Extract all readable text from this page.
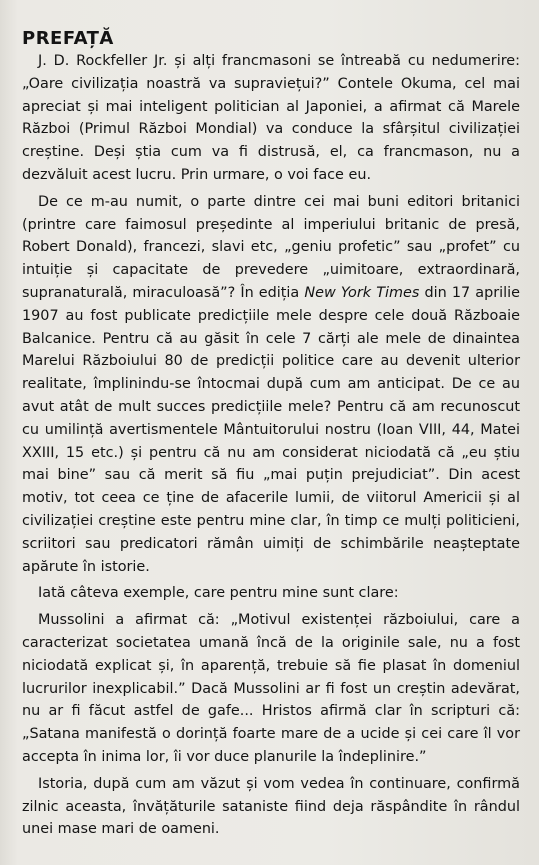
PREFAȚĂ

J. D. Rockfeller Jr. și alți francmasoni se întreabă cu nedumerire: „Oare civilizația noastră va supraviețui?” Contele Okuma, cel mai apreciat și mai inteligent politician al Japoniei, a afirmat că Marele Război (Primul Război Mondial) va conduce la sfârșitul civilizației creștine. Deși știa cum va fi distrusă, el, ca francmason, nu a dezvăluit acest lucru. Prin urmare, o voi face eu.

De ce m-au numit, o parte dintre cei mai buni editori britanici (printre care faimosul președinte al imperiului britanic de presă, Robert Donald), francezi, slavi etc, „geniu profetic” sau „profet” cu intuiție și capacitate de prevedere „uimitoare, extraordinară, supranaturală, miraculoasă”? În ediția New York Times din 17 aprilie 1907 au fost publicate predicțiile mele despre cele două Războaie Balcanice. Pentru că au găsit în cele 7 cărți ale mele de dinaintea Marelui Războiului 80 de predicții politice care au devenit ulterior realitate, împlinindu-se întocmai după cum am anticipat. De ce au avut atât de mult succes predicțiile mele? Pentru că am recunoscut cu umilință avertismentele Mântuitorului nostru (Ioan VIII, 44, Matei XXIII, 15 etc.) și pentru că nu am considerat niciodată că „eu știu mai bine” sau că merit să fiu „mai puțin prejudiciat”. Din acest motiv, tot ceea ce ține de afacerile lumii, de viitorul Americii și al civilizației creștine este pentru mine clar, în timp ce mulți politicieni, scriitori sau predicatori rămân uimiți de schimbările neașteptate apărute în istorie.

Iată câteva exemple, care pentru mine sunt clare:

Mussolini a afirmat că: „Motivul existenței războiului, care a caracterizat societatea umană încă de la originile sale, nu a fost niciodată explicat și, în aparență, trebuie să fie plasat în domeniul lucrurilor inexplicabil.” Dacă Mussolini ar fi fost un creștin adevărat, nu ar fi făcut astfel de gafe... Hristos afirmă clar în scripturi că: „Satana manifestă o dorință foarte mare de a ucide și cei care îl vor accepta în inima lor, îi vor duce planurile la îndeplinire.”

Istoria, după cum am văzut și vom vedea în continuare, confirmă zilnic aceasta, învățăturile sataniste fiind deja răspândite în rândul unei mase mari de oameni.
